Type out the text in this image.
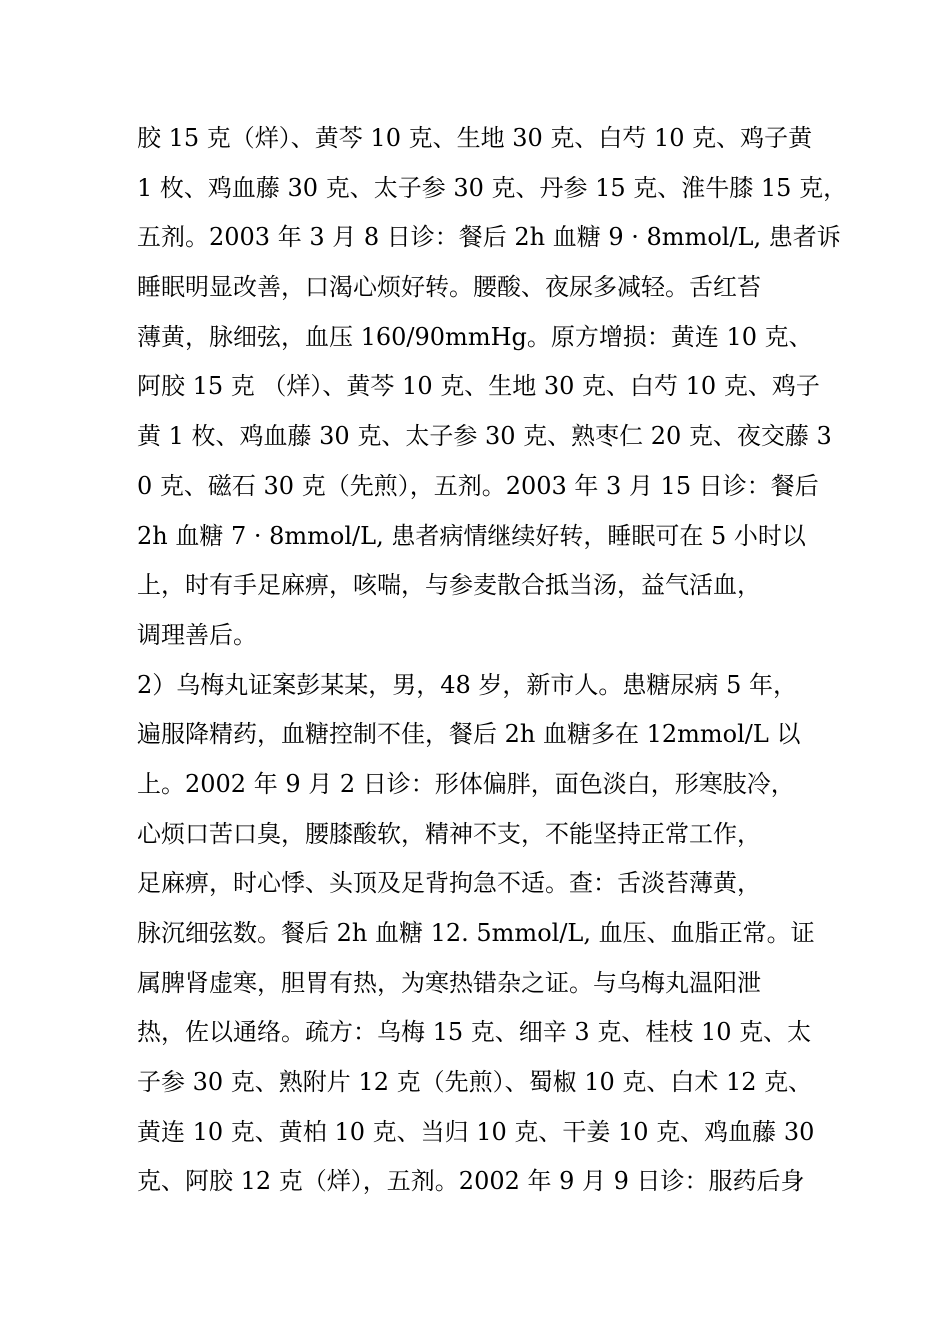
胶 15 克（烊）、黄芩 10 克、生地 30 克、白芍 10 克、鸡子黄
1 枚、鸡血藤 30 克、太子参 30 克、丹参 15 克、淮牛膝 15 克，
五剂。2003 年 3 月 8 日诊：餐后 2h 血糖 9 · 8mmol/L, 患者诉
睡眠明显改善，口渴心烦好转。腰酸、夜尿多减轻。舌红苔
薄黄，脉细弦，血压 160/90mmHg。原方增损：黄连 10 克、
阿胶 15 克 （烊）、黄芩 10 克、生地 30 克、白芍 10 克、鸡子
黄 1 枚、鸡血藤 30 克、太子参 30 克、熟枣仁 20 克、夜交藤 3
0 克、磁石 30 克（先煎），五剂。2003 年 3 月 15 日诊：餐后
2h 血糖 7 · 8mmol/L, 患者病情继续好转，睡眠可在 5 小时以
上，时有手足麻痹，咳喘，与参麦散合抵当汤，益气活血，
调理善后。
2）乌梅丸证案彭某某，男，48 岁，新市人。患糖尿病 5 年，
遍服降精药，血糖控制不佳，餐后 2h 血糖多在 12mmol/L 以
上。2002 年 9 月 2 日诊：形体偏胖，面色淡白，形寒肢冷，
心烦口苦口臭，腰膝酸软，精神不支，不能坚持正常工作，
足麻痹，时心悸、头顶及足背拘急不适。查：舌淡苔薄黄，
脉沉细弦数。餐后 2h 血糖 12. 5mmol/L, 血压、血脂正常。证
属脾肾虚寒，胆胃有热，为寒热错杂之证。与乌梅丸温阳泄
热，佐以通络。疏方：乌梅 15 克、细辛 3 克、桂枝 10 克、太
子参 30 克、熟附片 12 克（先煎）、蜀椒 10 克、白术 12 克、
黄连 10 克、黄柏 10 克、当归 10 克、干姜 10 克、鸡血藤 30
克、阿胶 12 克（烊），五剂。2002 年 9 月 9 日诊：服药后身
